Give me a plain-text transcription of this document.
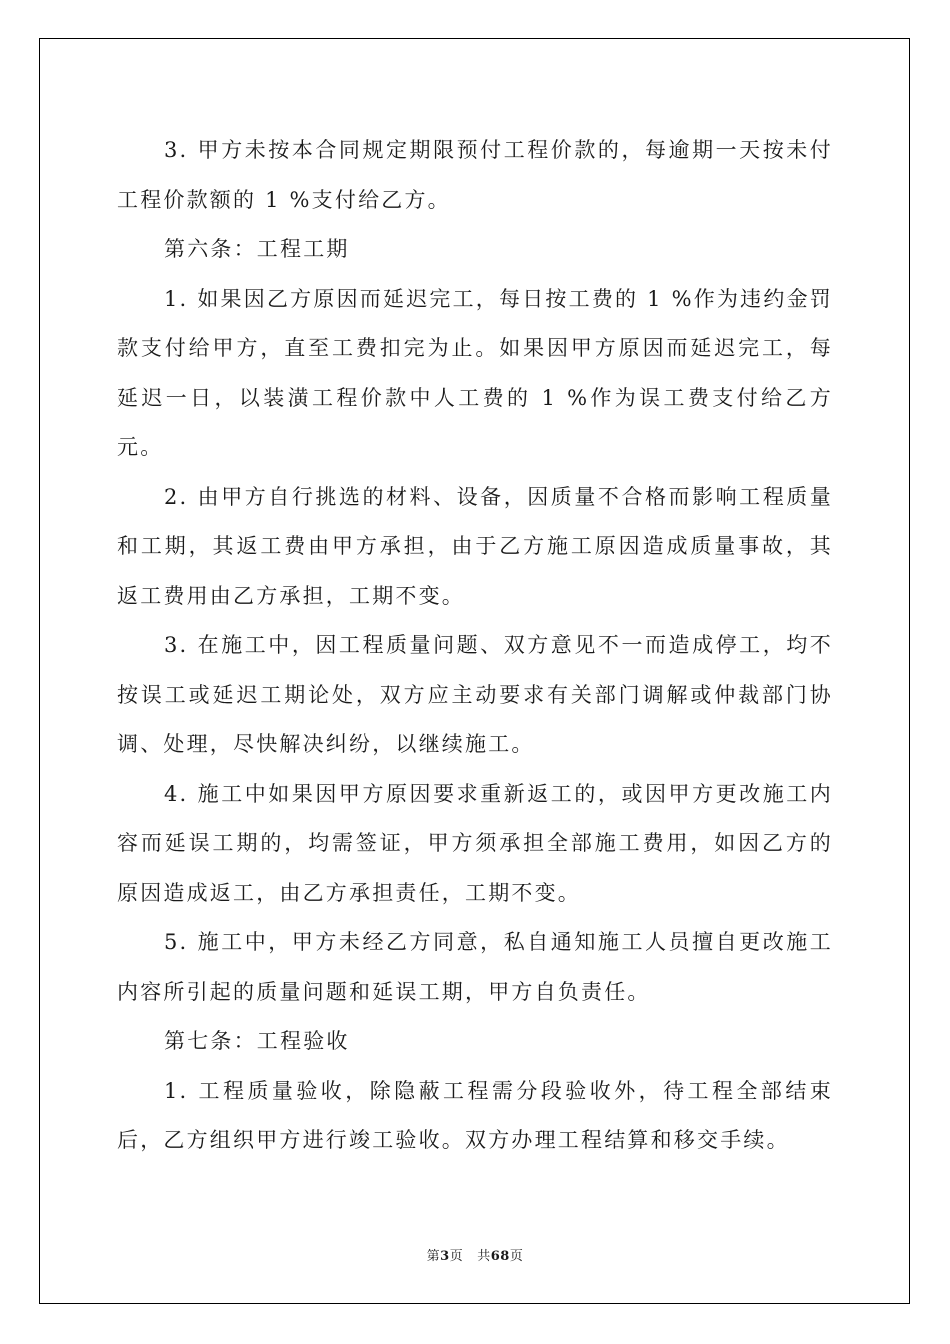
3. 甲方未按本合同规定期限预付工程价款的，每逾期一天按未付工程价款额的 1 %支付给乙方。

第六条：工程工期

1. 如果因乙方原因而延迟完工，每日按工费的 1 %作为违约金罚款支付给甲方，直至工费扣完为止。如果因甲方原因而延迟完工，每延迟一日，以装潢工程价款中人工费的 1 %作为误工费支付给乙方元。

2. 由甲方自行挑选的材料、设备，因质量不合格而影响工程质量和工期，其返工费由甲方承担，由于乙方施工原因造成质量事故，其返工费用由乙方承担，工期不变。

3. 在施工中，因工程质量问题、双方意见不一而造成停工，均不按误工或延迟工期论处，双方应主动要求有关部门调解或仲裁部门协调、处理，尽快解决纠纷，以继续施工。

4. 施工中如果因甲方原因要求重新返工的，或因甲方更改施工内容而延误工期的，均需签证，甲方须承担全部施工费用，如因乙方的原因造成返工，由乙方承担责任，工期不变。

5. 施工中，甲方未经乙方同意，私自通知施工人员擅自更改施工内容所引起的质量问题和延误工期，甲方自负责任。

第七条：工程验收

1. 工程质量验收，除隐蔽工程需分段验收外，待工程全部结束后，乙方组织甲方进行竣工验收。双方办理工程结算和移交手续。

第3页 共68页
